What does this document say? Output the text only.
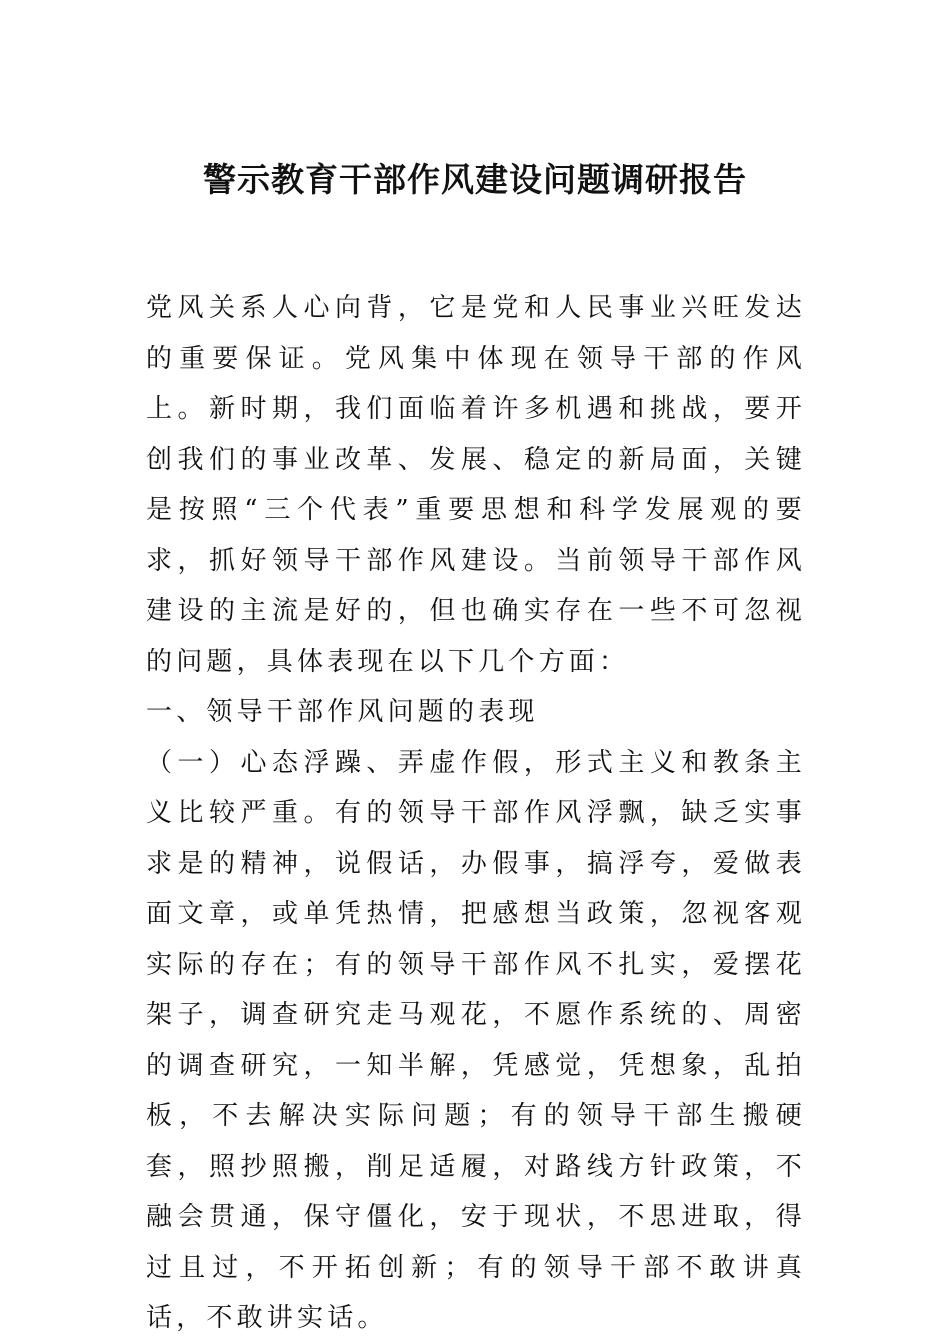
警示教育干部作风建设问题调研报告

党风关系人心向背，它是党和人民事业兴旺发达的重要保证。党风集中体现在领导干部的作风上。新时期，我们面临着许多机遇和挑战，要开创我们的事业改革、发展、稳定的新局面，关键是按照“三个代表”重要思想和科学发展观的要求，抓好领导干部作风建设。当前领导干部作风建设的主流是好的，但也确实存在一些不可忽视的问题，具体表现在以下几个方面：

一、领导干部作风问题的表现

（一）心态浮躁、弄虚作假，形式主义和教条主义比较严重。有的领导干部作风浮飘，缺乏实事求是的精神，说假话，办假事，搞浮夸，爱做表面文章，或单凭热情，把感想当政策，忽视客观实际的存在；有的领导干部作风不扎实，爱摆花架子，调查研究走马观花，不愿作系统的、周密的调查研究，一知半解，凭感觉，凭想象，乱拍板，不去解决实际问题；有的领导干部生搬硬套，照抄照搬，削足适履，对路线方针政策，不融会贯通，保守僵化，安于现状，不思进取，得过且过，不开拓创新；有的领导干部不敢讲真话，不敢讲实话。
